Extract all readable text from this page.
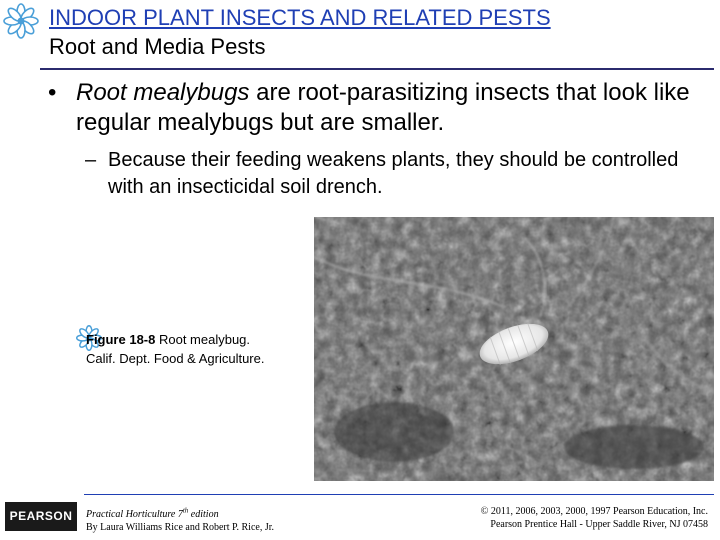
INDOOR PLANT INSECTS AND RELATED PESTS
Root and Media Pests
• Root mealybugs are root-parasitizing insects that look like regular mealybugs but are smaller.
– Because their feeding weakens plants, they should be controlled with an insecticidal soil drench.
Figure 18-8 Root mealybug.
Calif. Dept. Food & Agriculture.
PEARSON	Practical Horticulture 7th edition
By Laura Williams Rice and Robert P. Rice, Jr.
© 2011, 2006, 2003, 2000, 1997 Pearson Education, Inc.
Pearson Prentice Hall - Upper Saddle River, NJ 07458
